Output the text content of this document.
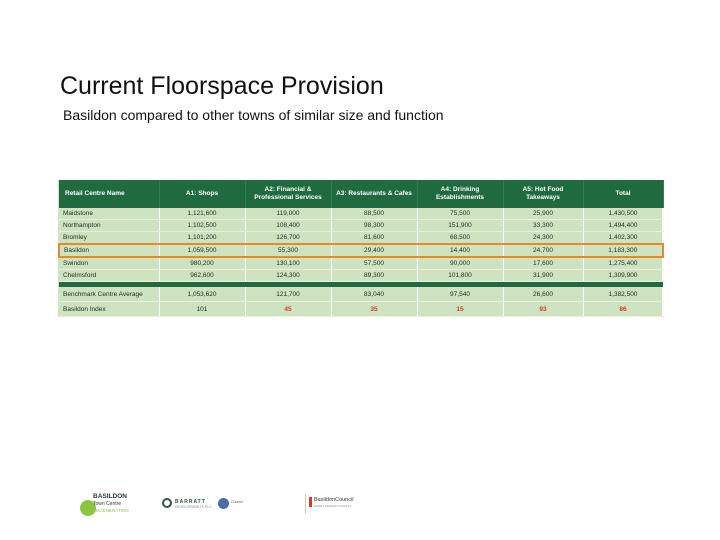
Current Floorspace Provision
Basildon compared to other towns of similar size and function
Retail Centre Name	A1: Shops	A2: Financial & Professional Services	A3: Restaurants & Cafes	A4: Drinking Establishments	A5: Hot Food Takeaways	Total
Maidstone	1,121,600	119,000	88,500	75,500	25,900	1,430,500
Northampton	1,102,500	108,400	98,300	151,900	33,300	1,494,400
Bromley	1,101,200	126,700	81,600	68,500	24,300	1,402,300
Basildon	1,059,500	55,300	29,400	14,400	24,700	1,183,300
Swindon	980,200	130,100	57,500	90,000	17,600	1,275,400
Chelmsford	962,600	124,300	89,300	101,800	31,900	1,309,900

Benchmark Centre Average	1,053,620	121,700	83,040	97,540	26,600	1,382,500
Basildon Index	101	45	35	15	93	86
BASILDON
Town Centre
REGENERATION
BARRATT
DEVELOPMENTS PLC
Council	BasildonCouncil
EVERY PERSON COUNTS
